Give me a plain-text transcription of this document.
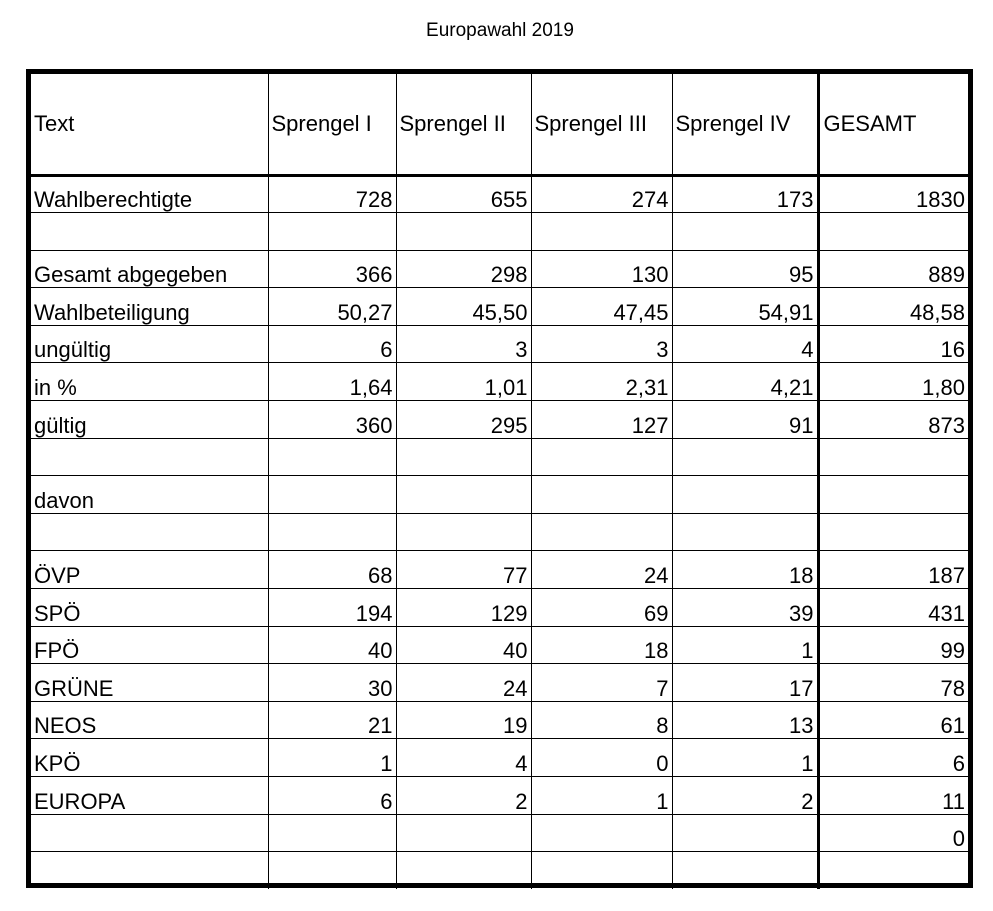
Europawahl 2019
Text	Sprengel I	Sprengel II	Sprengel III	Sprengel IV	GESAMT
Wahlberechtigte	728	655	274	173	1830

Gesamt abgegeben	366	298	130	95	889
Wahlbeteiligung	50,27	45,50	47,45	54,91	48,58
ungültig	6	3	3	4	16
in %	1,64	1,01	2,31	4,21	1,80
gültig	360	295	127	91	873

davon					

ÖVP	68	77	24	18	187
SPÖ	194	129	69	39	431
FPÖ	40	40	18	1	99
GRÜNE	30	24	7	17	78
NEOS	21	19	8	13	61
KPÖ	1	4	0	1	6
EUROPA	6	2	1	2	11
					0
